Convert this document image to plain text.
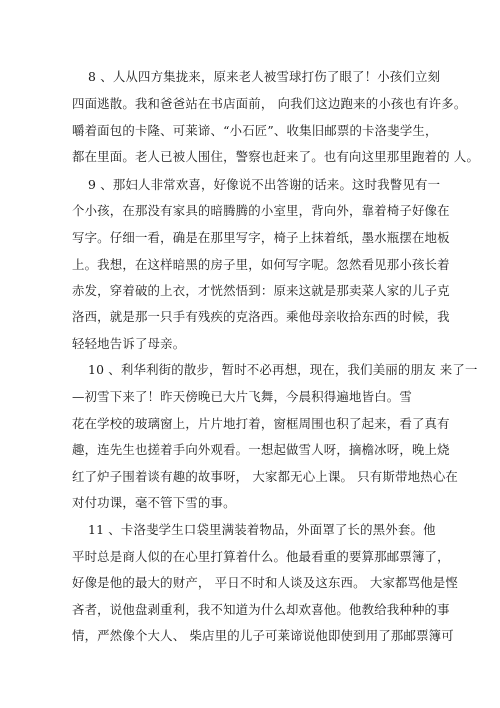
8 、人从四方集拢来，原来老人被雪球打伤了眼了！小孩们立刻
四面逃散。我和爸爸站在书店面前， 向我们这边跑来的小孩也有许多。
嚼着面包的卡隆、可莱谛、“小石匠”、收集旧邮票的卡洛斐学生，
都在里面。老人已被人围住，警察也赶来了。也有向这里那里跑着的 人。
9 、那妇人非常欢喜，好像说不出答谢的话来。这时我瞥见有一
个小孩，在那没有家具的暗腾腾的小室里，背向外，靠着椅子好像在
写字。仔细一看，确是在那里写字，椅子上抹着纸，墨水瓶摆在地板
上。我想，在这样暗黑的房子里，如何写字呢。忽然看见那小孩长着
赤发，穿着破的上衣，才恍然悟到：原来这就是那卖菜人家的儿子克
洛西，就是那一只手有残疾的克洛西。乘他母亲收拾东西的时候，我
轻轻地告诉了母亲。
10 、利华利街的散步，暂时不必再想，现在，我们美丽的朋友 来了一
—初雪下来了！昨天傍晚已大片飞舞，今晨积得遍地皆白。雪
花在学校的玻璃窗上，片片地打着，窗框周围也积了起来，看了真有
趣，连先生也搓着手向外观看。一想起做雪人呀，摘檐冰呀，晚上烧
红了炉子围着谈有趣的故事呀， 大家都无心上课。 只有斯带地热心在
对付功课，毫不管下雪的事。
11 、卡洛斐学生口袋里满装着物品，外面罩了长的黑外套。他
平时总是商人似的在心里打算着什么。他最看重的要算那邮票簿了，
好像是他的最大的财产， 平日不时和人谈及这东西。 大家都骂他是悭
吝者，说他盘剥重利，我不知道为什么却欢喜他。他教给我种种的事
情，严然像个大人、 柴店里的儿子可莱谛说他即使到用了那邮票簿可
